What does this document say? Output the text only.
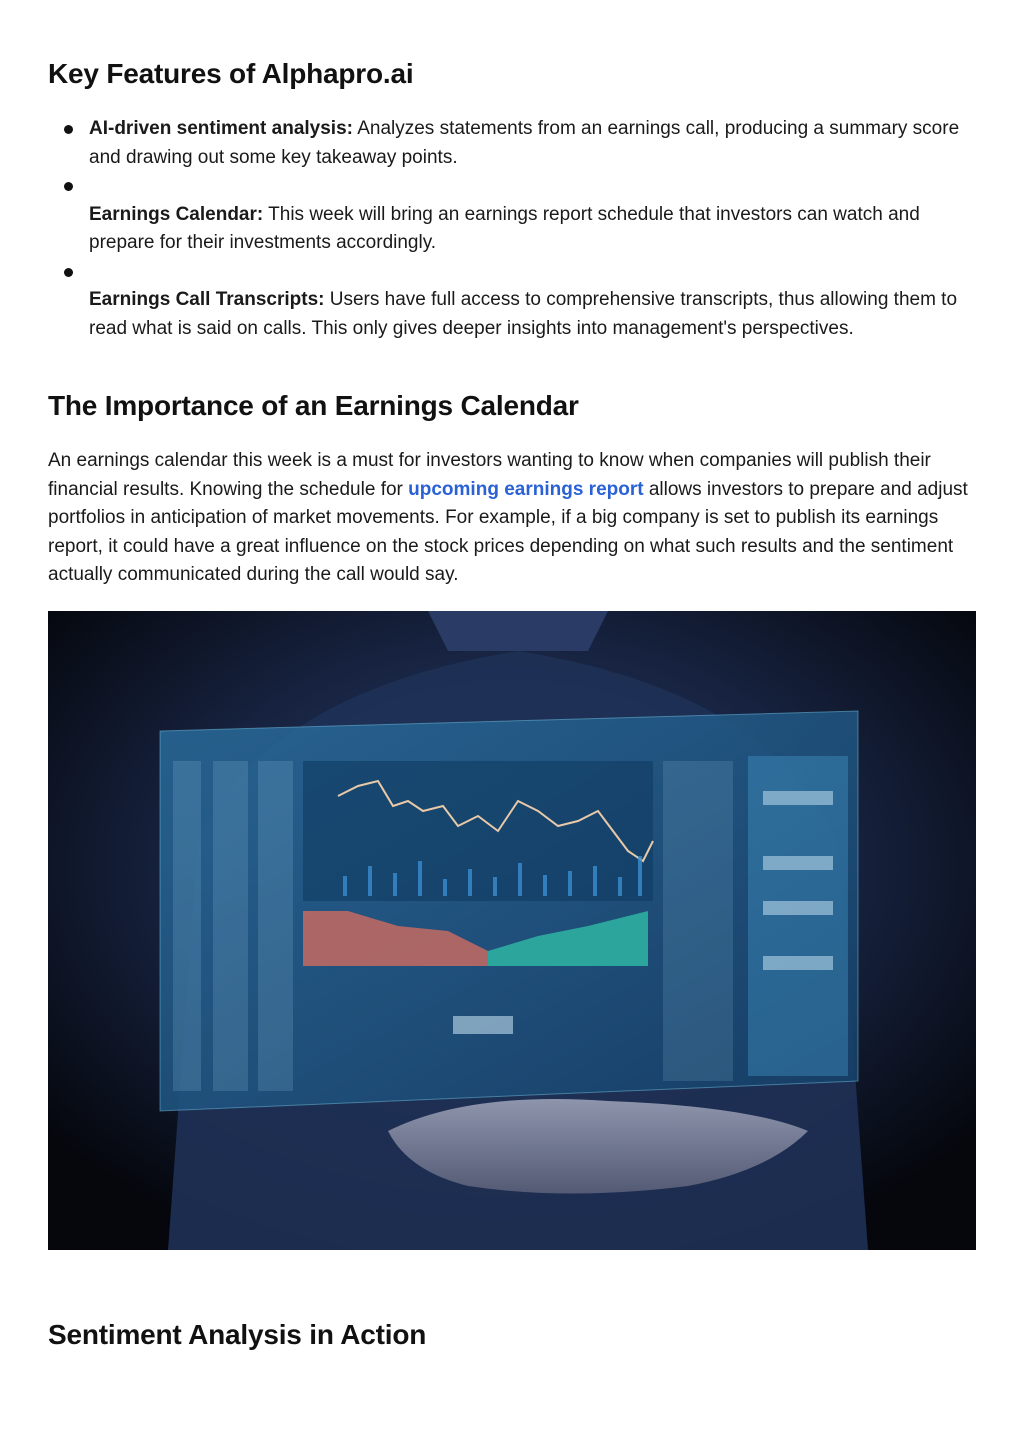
Key Features of Alphapro.ai
AI-driven sentiment analysis: Analyzes statements from an earnings call, producing a summary score and drawing out some key takeaway points.
Earnings Calendar: This week will bring an earnings report schedule that investors can watch and prepare for their investments accordingly.
Earnings Call Transcripts: Users have full access to comprehensive transcripts, thus allowing them to read what is said on calls. This only gives deeper insights into management's perspectives.
The Importance of an Earnings Calendar

An earnings calendar this week is a must for investors wanting to know when companies will publish their financial results. Knowing the schedule for upcoming earnings report allows investors to prepare and adjust portfolios in anticipation of market movements. For example, if a big company is set to publish its earnings report, it could have a great influence on the stock prices depending on what such results and the sentiment actually communicated during the call would say.

Sentiment Analysis in Action
